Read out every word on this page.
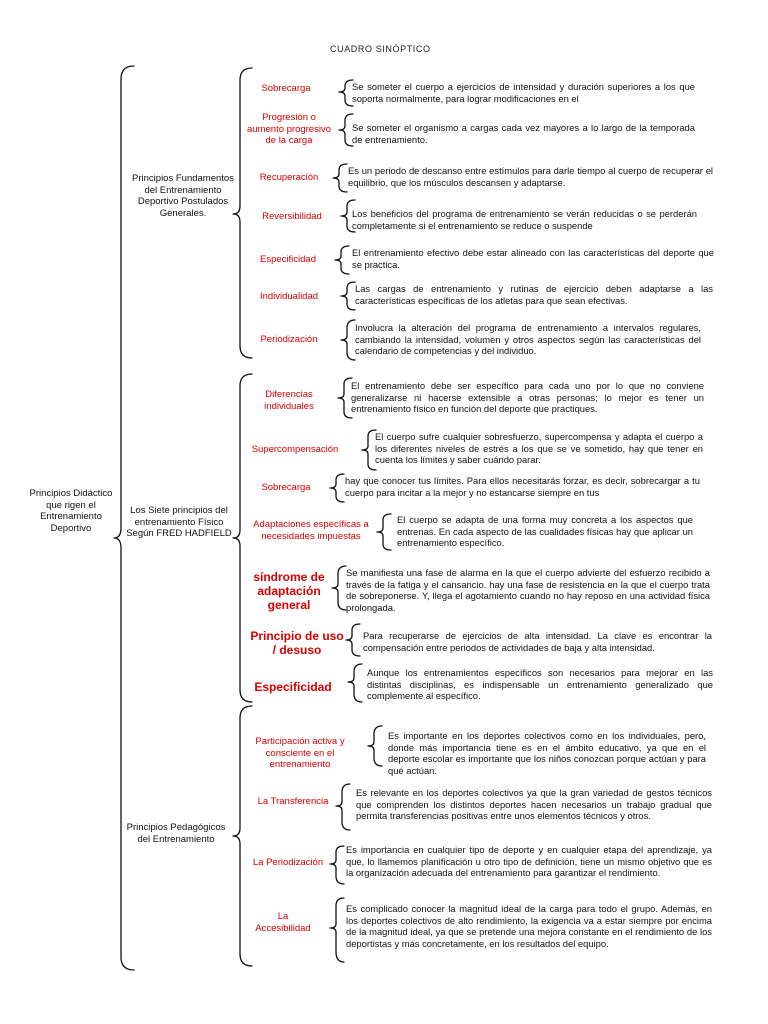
CUADRO SINÓPTICO
Principios Didáctico que rigen el Entrenamiento Deportivo
Principios Fundamentos del Entrenamiento Deportivo Postulados Generales.
Los Siete principios del entrenamiento Físico Según FRED HADFIELD
Principios Pedagógicos del Entrenamiento
Sobrecarga
Progresión o aumento progresivo de la carga
Recuperación
Reversibilidad
Especificidad
Individualidad
Periodización
Se someter el cuerpo a ejercicios de intensidad y duración superiores a los que soporta normalmente, para lograr modificaciones en el
Se someter el organismo a cargas cada vez mayores a lo largo de la temporada de entrenamiento.
Es un periodo de descanso entre estímulos para darle tiempo al cuerpo de recuperar el equilibrio, que los músculos descansen y adaptarse.
Los beneficios del programa de entrenamiento se verán reducidas o se perderán completamente si el entrenamiento se reduce o suspende
El entrenamiento efectivo debe estar alineado con las características del deporte que se practica.
Las cargas de entrenamiento y rutinas de ejercicio deben adaptarse a las características específicas de los atletas para que sean efectivas.
Involucra la alteración del programa de entrenamiento a intervalos regulares, cambiando la intensidad, volumen y otros aspectos según las características del calendario de competencias y del individuo.
Diferencias individuales
Supercompensación
Sobrecarga
Adaptaciones específicas a necesidades impuestas
síndrome de adaptación general
Principio de uso / desuso
Especificidad
El entrenamiento debe ser específico para cada uno por lo que no conviene generalizarse ni hacerse extensible a otras personas; lo mejor es tener un entrenamiento físico en función del deporte que practiques.
El cuerpo sufre cualquier sobresfuerzo, supercompensa y adapta el cuerpo a los diferentes niveles de estrés a los que se ve sometido, hay que tener en cuenta los límites y saber cuándo parar.
hay que conocer tus límites. Para ellos necesitarás forzar, es decir, sobrecargar a tu cuerpo para incitar a la mejor y no estancarse siempre en tus
El cuerpo se adapta de una forma muy concreta a los aspectos que entrenas. En cada aspecto de las cualidades físicas hay que aplicar un entrenamiento específico.
Se manifiesta una fase de alarma en la que el cuerpo advierte del esfuerzo recibido a través de la fatiga y el cansancio. hay una fase de resistencia en la que el cuerpo trata de sobreponerse. Y, llega el agotamiento cuando no hay reposo en una actividad física prolongada.
Para recuperarse de ejercicios de alta intensidad. La clave es encontrar la compensación entre periodos de actividades de baja y alta intensidad.
Aunque los entrenamientos específicos son necesarios para mejorar en las distintas disciplinas, es indispensable un entrenamiento generalizado que complemente al específico.
Participación activa y consciente en el entrenamiento
La Transferencia
La Periodización
La Accesibilidad
Es importante en los deportes colectivos como en los individuales, pero, donde más importancia tiene es en el ámbito educativo, ya que en el deporte escolar es importante que los niños conozcan porque actúan y para qué actúan.
Es relevante en los deportes colectivos ya que la gran variedad de gestos técnicos que comprenden los distintos deportes hacen necesarios un trabajo gradual que permita transferencias positivas entre unos elementos técnicos y otros.
Es importancia en cualquier tipo de deporte y en cualquier etapa del aprendizaje, ya que, lo llamemos planificación u otro tipo de definición, tiene un mismo objetivo que es la organización adecuada del entrenamiento para garantizar el rendimiento.
Es complicado conocer la magnitud ideal de la carga para todo el grupo. Además, en los deportes colectivos de alto rendimiento, la exigencia va a estar siempre por encima de la magnitud ideal, ya que se pretende una mejora constante en el rendimiento de los deportistas y más concretamente, en los resultados del equipo.
